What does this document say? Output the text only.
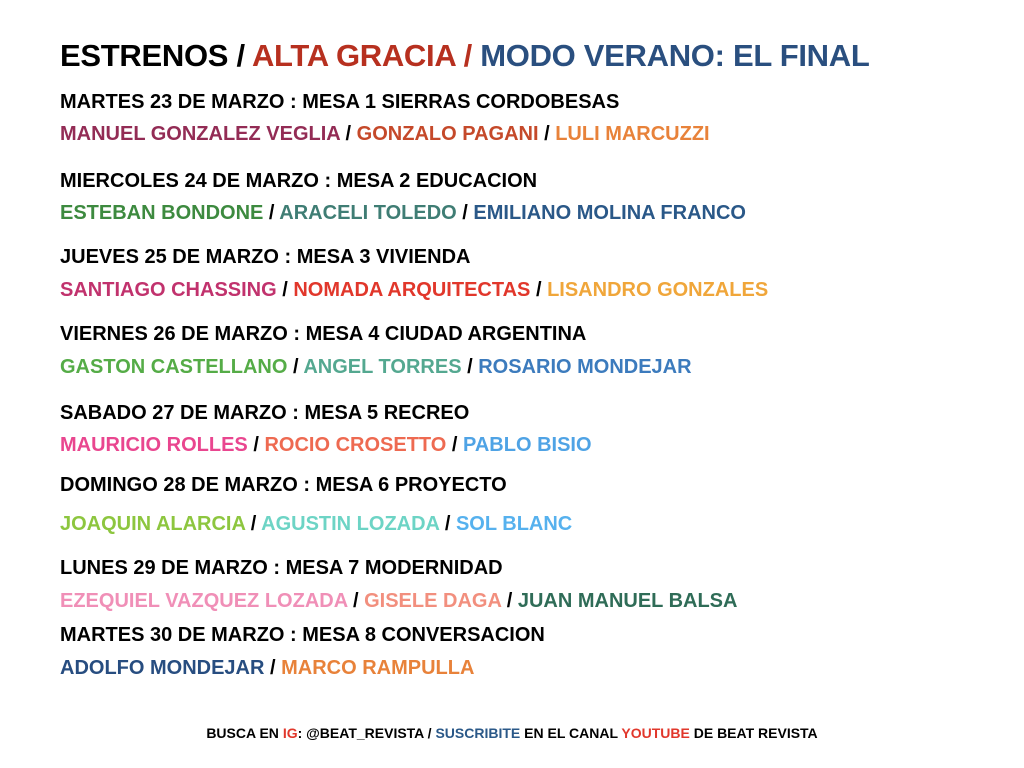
ESTRENOS / ALTA GRACIA / MODO VERANO: EL FINAL
MARTES 23 DE MARZO : MESA 1 SIERRAS CORDOBESAS
MANUEL GONZALEZ VEGLIA / GONZALO PAGANI / LULI MARCUZZI
MIERCOLES 24 DE MARZO : MESA 2 EDUCACION
ESTEBAN BONDONE / ARACELI TOLEDO / EMILIANO MOLINA FRANCO
JUEVES 25 DE MARZO : MESA 3 VIVIENDA
SANTIAGO CHASSING / NOMADA ARQUITECTAS / LISANDRO GONZALES
VIERNES 26 DE MARZO : MESA 4 CIUDAD ARGENTINA
GASTON CASTELLANO / ANGEL TORRES / ROSARIO MONDEJAR
SABADO 27 DE MARZO : MESA 5 RECREO
MAURICIO ROLLES / ROCIO CROSETTO / PABLO BISIO
DOMINGO 28 DE MARZO : MESA 6 PROYECTO
JOAQUIN ALARCIA / AGUSTIN LOZADA / SOL BLANC
LUNES 29 DE MARZO : MESA 7 MODERNIDAD
EZEQUIEL VAZQUEZ LOZADA / GISELE DAGA / JUAN MANUEL BALSA
MARTES 30 DE MARZO : MESA 8 CONVERSACION
ADOLFO MONDEJAR / MARCO RAMPULLA
BUSCA EN IG: @BEAT_REVISTA / SUSCRIBITE EN EL CANAL YOUTUBE DE BEAT REVISTA
